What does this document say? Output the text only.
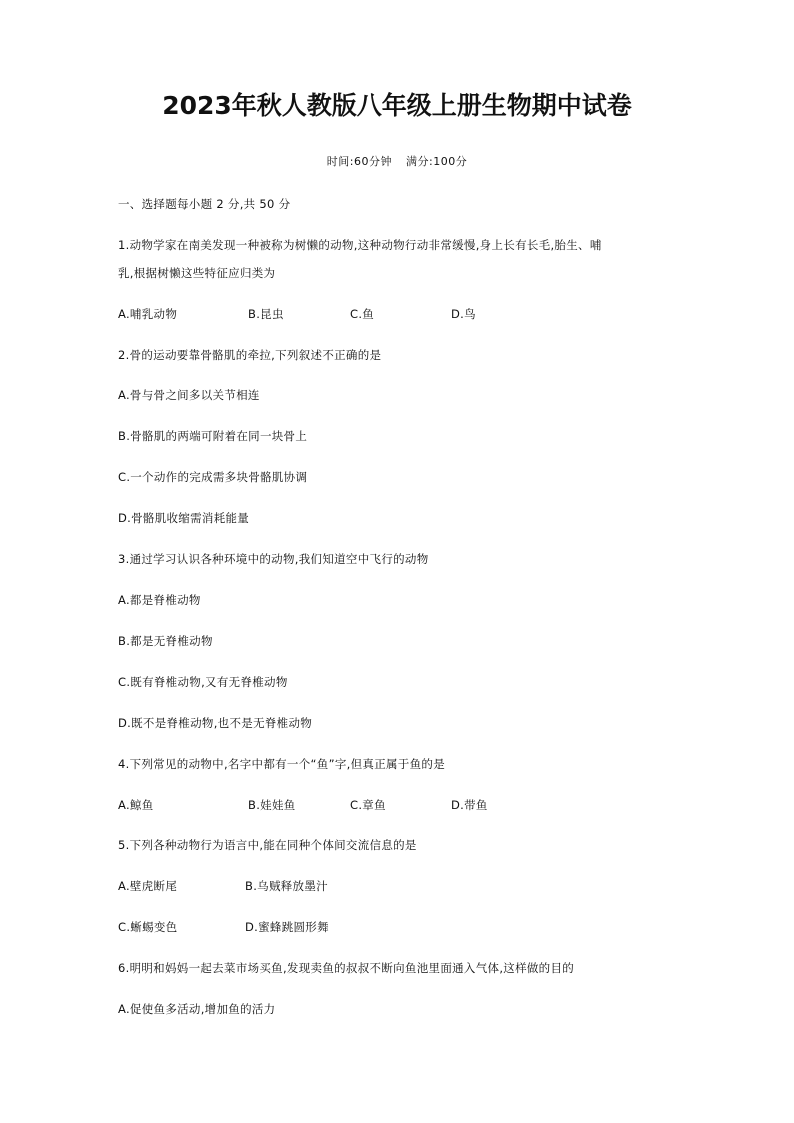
2023年秋人教版八年级上册生物期中试卷
时间:60分钟 满分:100分
一、选择题每小题 2 分,共 50 分
1.动物学家在南美发现一种被称为树懒的动物,这种动物行动非常缓慢,身上长有长毛,胎生、哺
乳,根据树懒这些特征应归类为
A.哺乳动物	B.昆虫	C.鱼	D.鸟
2.骨的运动要靠骨骼肌的牵拉,下列叙述不正确的是
A.骨与骨之间多以关节相连
B.骨骼肌的两端可附着在同一块骨上
C.一个动作的完成需多块骨骼肌协调
D.骨骼肌收缩需消耗能量
3.通过学习认识各种环境中的动物,我们知道空中飞行的动物
A.都是脊椎动物
B.都是无脊椎动物
C.既有脊椎动物,又有无脊椎动物
D.既不是脊椎动物,也不是无脊椎动物
4.下列常见的动物中,名字中都有一个“鱼”字,但真正属于鱼的是
A.鲸鱼	B.娃娃鱼	C.章鱼	D.带鱼
5.下列各种动物行为语言中,能在同种个体间交流信息的是
A.壁虎断尾	B.乌贼释放墨汁
C.蜥蜴变色	D.蜜蜂跳圆形舞
6.明明和妈妈一起去菜市场买鱼,发现卖鱼的叔叔不断向鱼池里面通入气体,这样做的目的
A.促使鱼多活动,增加鱼的活力
